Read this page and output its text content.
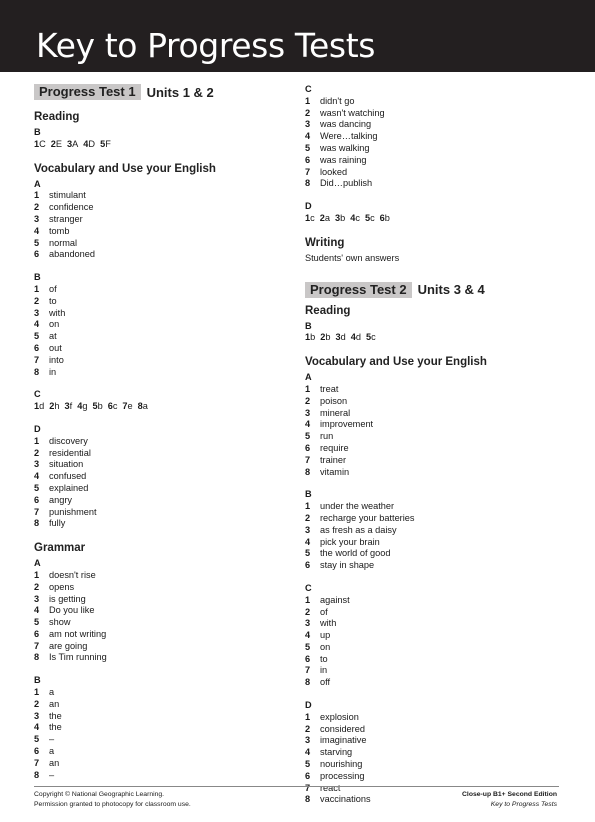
Key to Progress Tests
Progress Test 1 Units 1 & 2
Reading
B
1C 2E 3A 4D 5F
Vocabulary and Use your English
A
1	stimulant
2	confidence
3	stranger
4	tomb
5	normal
6	abandoned
B
1	of
2	to
3	with
4	on
5	at
6	out
7	into
8	in
C
1d 2h 3f 4g 5b 6c 7e 8a
D
1	discovery
2	residential
3	situation
4	confused
5	explained
6	angry
7	punishment
8	fully
Grammar
A
1	doesn't rise
2	opens
3	is getting
4	Do you like
5	show
6	am not writing
7	are going
8	Is Tim running
B
1	a
2	an
3	the
4	the
5	–
6	a
7	an
8	–
C
1	didn't go
2	wasn't watching
3	was dancing
4	Were…talking
5	was walking
6	was raining
7	looked
8	Did…publish
D
1c 2a 3b 4c 5c 6b
Writing
Students' own answers
Progress Test 2 Units 3 & 4
Reading
B
1b 2b 3d 4d 5c
Vocabulary and Use your English
A
1	treat
2	poison
3	mineral
4	improvement
5	run
6	require
7	trainer
8	vitamin
B
1	under the weather
2	recharge your batteries
3	as fresh as a daisy
4	pick your brain
5	the world of good
6	stay in shape
C
1	against
2	of
3	with
4	up
5	on
6	to
7	in
8	off
D
1	explosion
2	considered
3	imaginative
4	starving
5	nourishing
6	processing
7	react
8	vaccinations
Copyright © National Geographic Learning.
Permission granted to photocopy for classroom use.
Close-up B1+ Second Edition
Key to Progress Tests
